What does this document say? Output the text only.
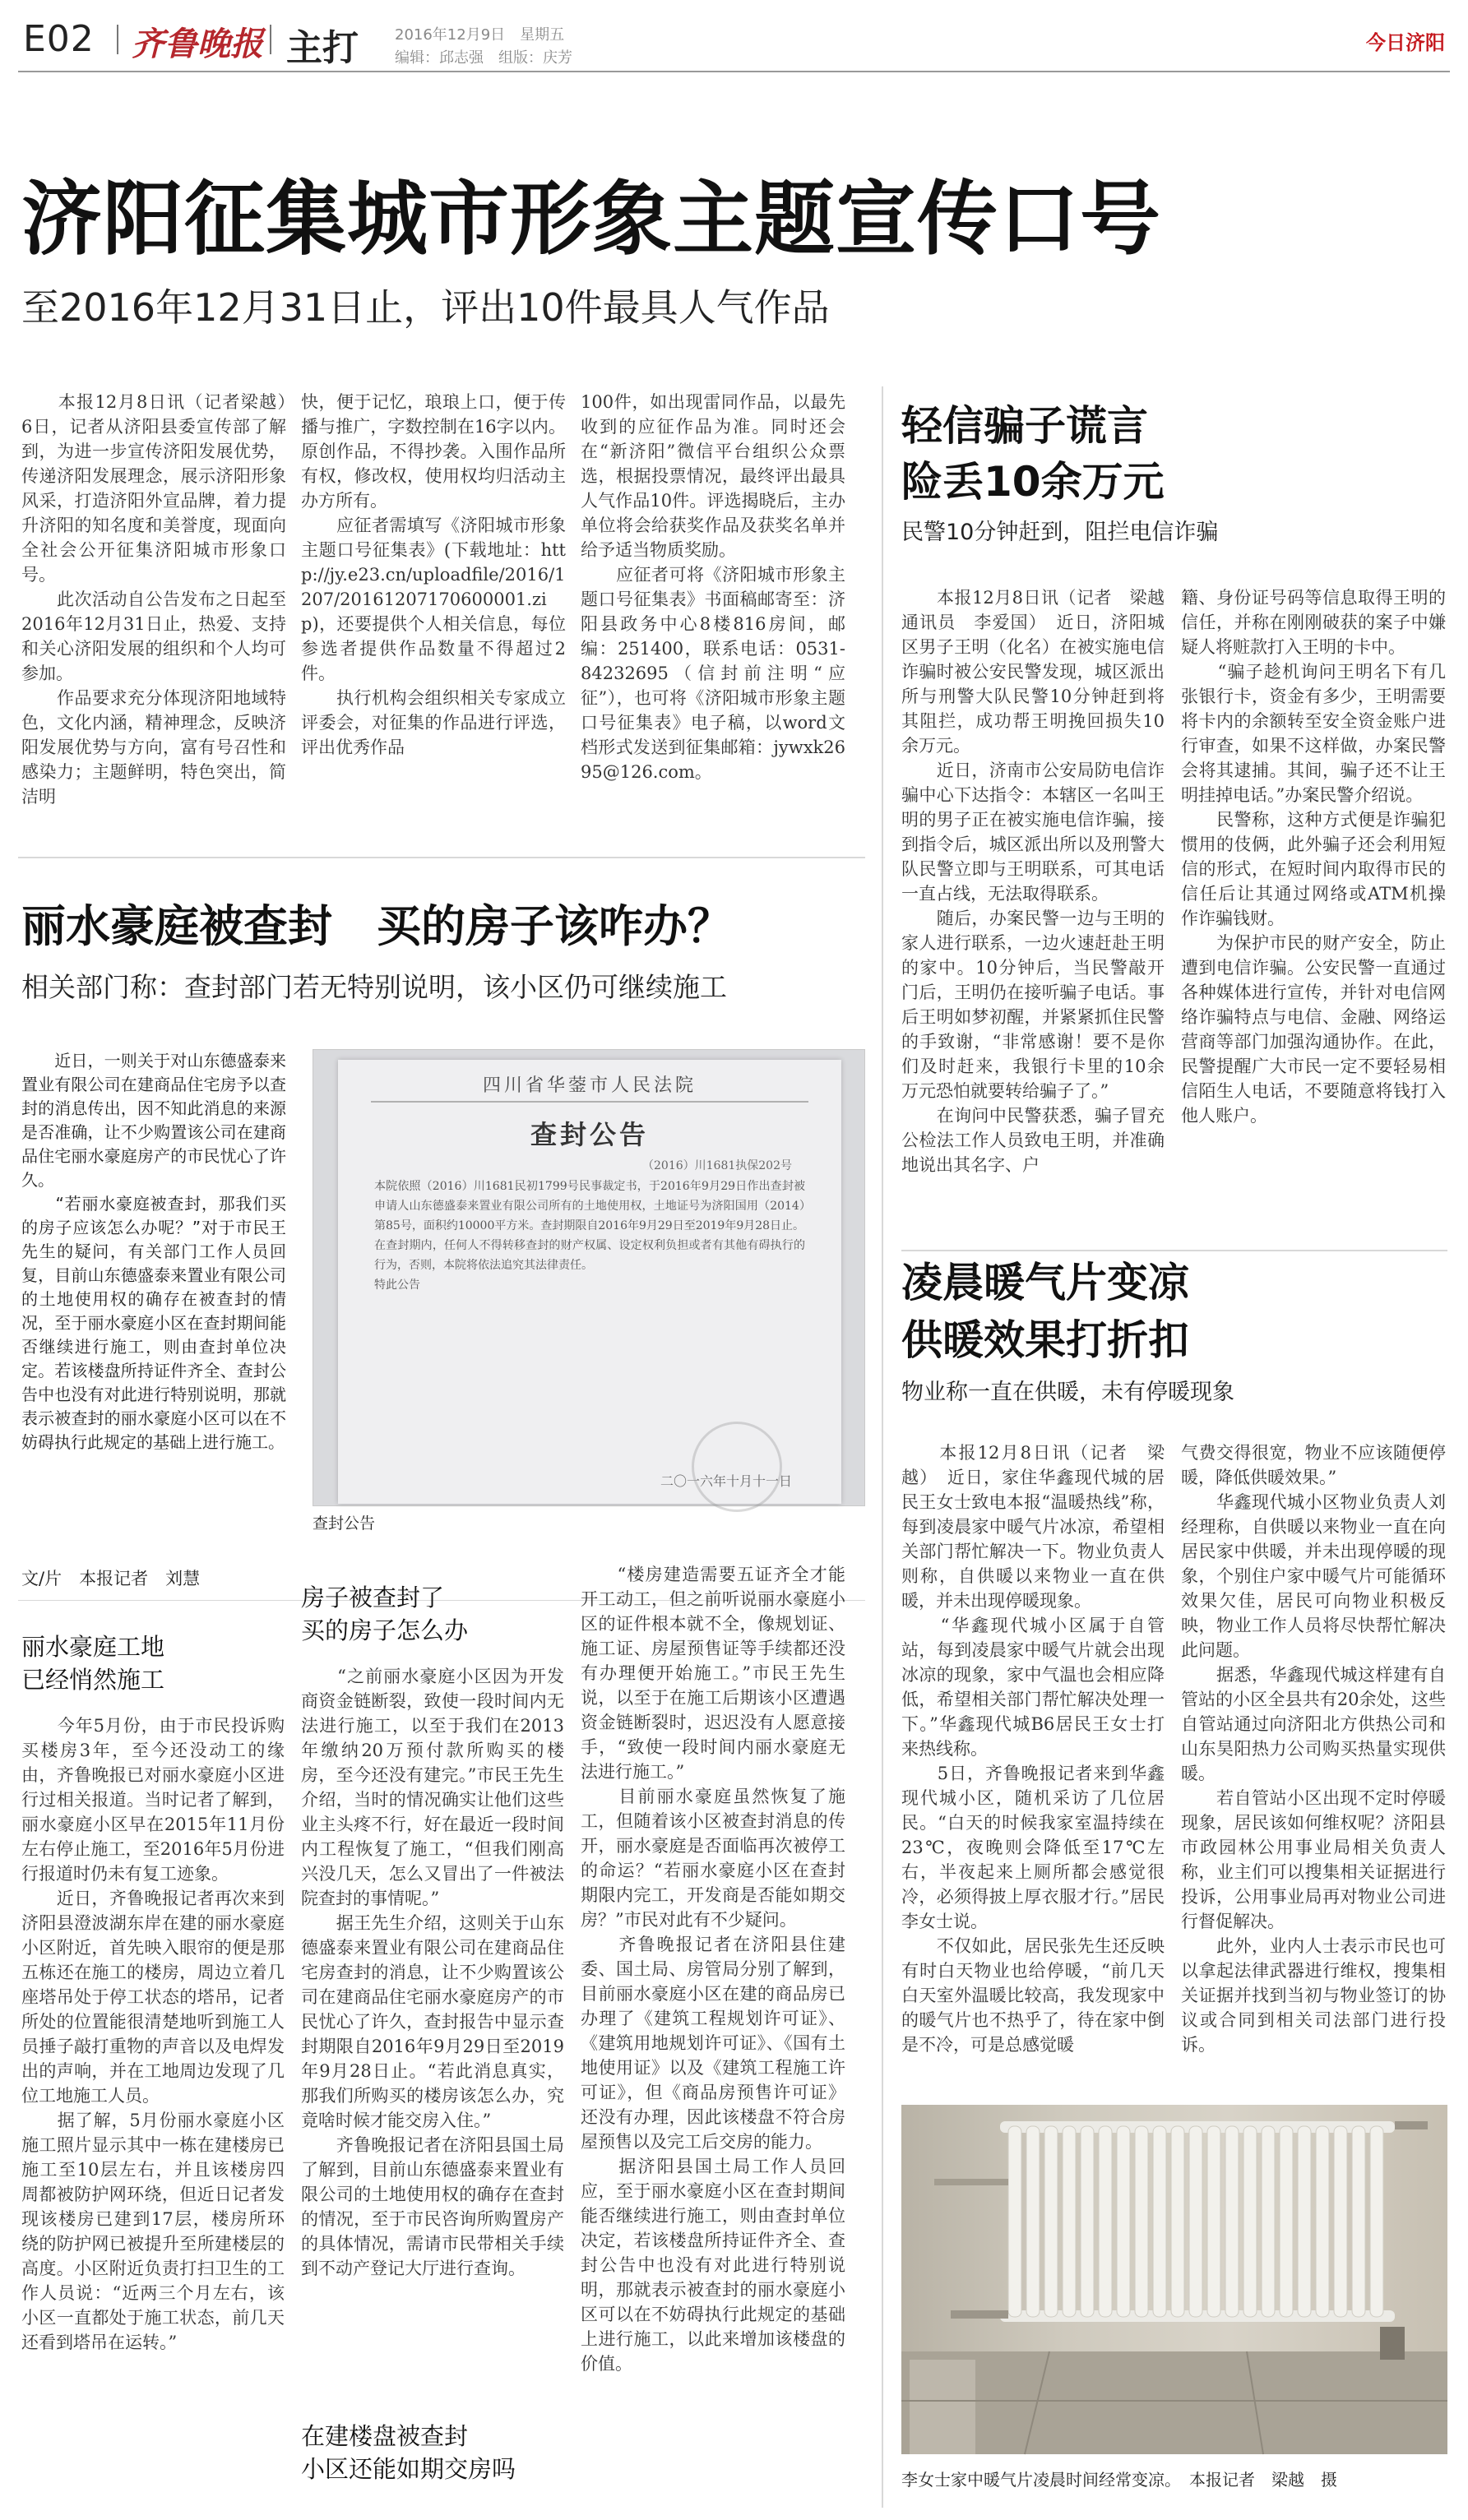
E02 齐鲁晚报 主打 2016年12月9日　星期五
编辑：邱志强　组版：庆芳
今日济阳
济阳征集城市形象主题宣传口号
至2016年12月31日止，评出10件最具人气作品
　　本报12月8日讯（记者梁越）　6日，记者从济阳县委宣传部了解到，为进一步宣传济阳发展优势，传递济阳发展理念，展示济阳形象风采，打造济阳外宣品牌，着力提升济阳的知名度和美誉度，现面向全社会公开征集济阳城市形象口号。
　　此次活动自公告发布之日起至2016年12月31日止，热爱、支持和关心济阳发展的组织和个人均可参加。
　　作品要求充分体现济阳地域特色，文化内涵，精神理念，反映济阳发展优势与方向，富有号召性和感染力；主题鲜明，特色突出，简洁明
快，便于记忆，琅琅上口，便于传播与推广，字数控制在16字以内。原创作品，不得抄袭。入围作品所有权，修改权，使用权均归活动主办方所有。
　　应征者需填写《济阳城市形象主题口号征集表》(下载地址：http://jy.e23.cn/uploadfile/2016/1207/20161207170600001.zip)，还要提供个人相关信息，每位参选者提供作品数量不得超过2件。
　　执行机构会组织相关专家成立评委会，对征集的作品进行评选，评出优秀作品
100件，如出现雷同作品，以最先收到的应征作品为准。同时还会在“新济阳”微信平台组织公众票选，根据投票情况，最终评出最具人气作品10件。评选揭晓后，主办单位将会给获奖作品及获奖名单并给予适当物质奖励。
　　应征者可将《济阳城市形象主题口号征集表》书面稿邮寄至：济阳县政务中心8楼816房间，邮编：251400，联系电话：0531-84232695（信封前注明“应征”），也可将《济阳城市形象主题口号征集表》电子稿，以word文档形式发送到征集邮箱：jywxk2695@126.com。
轻信骗子谎言
险丢10余万元
民警10分钟赶到，阻拦电信诈骗
　　本报12月8日讯（记者　梁越　通讯员　李爱国）　近日，济阳城区男子王明（化名）在被实施电信诈骗时被公安民警发现，城区派出所与刑警大队民警10分钟赶到将其阻拦，成功帮王明挽回损失10余万元。
　　近日，济南市公安局防电信诈骗中心下达指令：本辖区一名叫王明的男子正在被实施电信诈骗，接到指令后，城区派出所以及刑警大队民警立即与王明联系，可其电话一直占线，无法取得联系。
　　随后，办案民警一边与王明的家人进行联系，一边火速赶赴王明的家中。10分钟后，当民警敲开门后，王明仍在接听骗子电话。事后王明如梦初醒，并紧紧抓住民警的手致谢，“非常感谢！要不是你们及时赶来，我银行卡里的10余万元恐怕就要转给骗子了。”
　　在询问中民警获悉，骗子冒充公检法工作人员致电王明，并准确地说出其名字、户
籍、身份证号码等信息取得王明的信任，并称在刚刚破获的案子中嫌疑人将赃款打入王明的卡中。
　　“骗子趁机询问王明名下有几张银行卡，资金有多少，王明需要将卡内的余额转至安全资金账户进行审查，如果不这样做，办案民警会将其逮捕。其间，骗子还不让王明挂掉电话。”办案民警介绍说。
　　民警称，这种方式便是诈骗犯惯用的伎俩，此外骗子还会利用短信的形式，在短时间内取得市民的信任后让其通过网络或ATM机操作诈骗钱财。
　　为保护市民的财产安全，防止遭到电信诈骗。公安民警一直通过各种媒体进行宣传，并针对电信网络诈骗特点与电信、金融、网络运营商等部门加强沟通协作。在此，民警提醒广大市民一定不要轻易相信陌生人电话，不要随意将钱打入他人账户。
凌晨暖气片变凉
供暖效果打折扣
物业称一直在供暖，未有停暖现象
　　本报12月8日讯（记者　梁越）　近日，家住华鑫现代城的居民王女士致电本报“温暖热线”称，每到凌晨家中暖气片冰凉，希望相关部门帮忙解决一下。物业负责人则称，自供暖以来物业一直在供暖，并未出现停暖现象。
　　“华鑫现代城小区属于自管站，每到凌晨家中暖气片就会出现冰凉的现象，家中气温也会相应降低，希望相关部门帮忙解决处理一下。”华鑫现代城B6居民王女士打来热线称。
　　5日，齐鲁晚报记者来到华鑫现代城小区，随机采访了几位居民。“白天的时候我家室温持续在23℃，夜晚则会降低至17℃左右，半夜起来上厕所都会感觉很冷，必须得披上厚衣服才行。”居民李女士说。
　　不仅如此，居民张先生还反映有时白天物业也给停暖，“前几天白天室外温暖比较高，我发现家中的暖气片也不热乎了，待在家中倒是不冷，可是总感觉暖
气费交得很宽，物业不应该随便停暖，降低供暖效果。”
　　华鑫现代城小区物业负责人刘经理称，自供暖以来物业一直在向居民家中供暖，并未出现停暖的现象，个别住户家中暖气片可能循环效果欠佳，居民可向物业积极反映，物业工作人员将尽快帮忙解决此问题。
　　据悉，华鑫现代城这样建有自管站的小区全县共有20余处，这些自管站通过向济阳北方供热公司和山东昊阳热力公司购买热量实现供暖。
　　若自管站小区出现不定时停暖现象，居民该如何维权呢？济阳县市政园林公用事业局相关负责人称，业主们可以搜集相关证据进行投诉，公用事业局再对物业公司进行督促解决。
　　此外，业内人士表示市民也可以拿起法律武器进行维权，搜集相关证据并找到当初与物业签订的协议或合同到相关司法部门进行投诉。
李女士家中暖气片凌晨时间经常变凉。　本报记者　梁越　摄
丽水豪庭被查封　买的房子该咋办？
相关部门称：查封部门若无特别说明，该小区仍可继续施工
　　近日，一则关于对山东德盛泰来置业有限公司在建商品住宅房予以查封的消息传出，因不知此消息的来源是否准确，让不少购置该公司在建商品住宅丽水豪庭房产的市民忧心了许久。
　　“若丽水豪庭被查封，那我们买的房子应该怎么办呢？”对于市民王先生的疑问，有关部门工作人员回复，目前山东德盛泰来置业有限公司的土地使用权的确存在被查封的情况，至于丽水豪庭小区在查封期间能否继续进行施工，则由查封单位决定。若该楼盘所持证件齐全、查封公告中也没有对此进行特别说明，那就表示被查封的丽水豪庭小区可以在不妨碍执行此规定的基础上进行施工。
四川省华蓥市人民法院
查封公告
（2016）川1681执保202号
本院依照（2016）川1681民初1799号民事裁定书，于2016年9月29日作出查封被申请人山东德盛泰来置业有限公司所有的土地使用权，土地证号为济阳国用（2014）第85号，面积约10000平方米。查封期限自2016年9月29日至2019年9月28日止。
在查封期内，任何人不得转移查封的财产权属、设定权利负担或者有其他有碍执行的行为，否则，本院将依法追究其法律责任。
特此公告
二〇一六年十月十一日
查封公告
文/片　本报记者　刘慧
丽水豪庭工地
已经悄然施工
　　今年5月份，由于市民投诉购买楼房3年，至今还没动工的缘由，齐鲁晚报已对丽水豪庭小区进行过相关报道。当时记者了解到，丽水豪庭小区早在2015年11月份左右停止施工，至2016年5月份进行报道时仍未有复工迹象。
　　近日，齐鲁晚报记者再次来到济阳县澄波湖东岸在建的丽水豪庭小区附近，首先映入眼帘的便是那五栋还在施工的楼房，周边立着几座塔吊处于停工状态的塔吊，记者所处的位置能很清楚地听到施工人员捶子敲打重物的声音以及电焊发出的声响，并在工地周边发现了几位工地施工人员。
　　据了解，5月份丽水豪庭小区施工照片显示其中一栋在建楼房已施工至10层左右，并且该楼房四周都被防护网环绕，但近日记者发现该楼房已建到17层，楼房所环绕的防护网已被提升至所建楼层的高度。小区附近负责打扫卫生的工作人员说：“近两三个月左右，该小区一直都处于施工状态，前几天还看到塔吊在运转。”
房子被查封了
买的房子怎么办
　　“之前丽水豪庭小区因为开发商资金链断裂，致使一段时间内无法进行施工，以至于我们在2013年缴纳20万预付款所购买的楼房，至今还没有建完。”市民王先生介绍，当时的情况确实让他们这些业主头疼不行，好在最近一段时间内工程恢复了施工，“但我们刚高兴没几天，怎么又冒出了一件被法院查封的事情呢。”
　　据王先生介绍，这则关于山东德盛泰来置业有限公司在建商品住宅房查封的消息，让不少购置该公司在建商品住宅丽水豪庭房产的市民忧心了许久，查封报告中显示查封期限自2016年9月29日至2019年9月28日止。“若此消息真实，那我们所购买的楼房该怎么办，究竟啥时候才能交房入住。”
　　齐鲁晚报记者在济阳县国土局了解到，目前山东德盛泰来置业有限公司的土地使用权的确存在查封的情况，至于市民咨询所购置房产的具体情况，需请市民带相关手续到不动产登记大厅进行查询。
在建楼盘被查封
小区还能如期交房吗
　　“楼房建造需要五证齐全才能开工动工，但之前听说丽水豪庭小区的证件根本就不全，像规划证、施工证、房屋预售证等手续都还没有办理便开始施工。”市民王先生说，以至于在施工后期该小区遭遇资金链断裂时，迟迟没有人愿意接手，“致使一段时间内丽水豪庭无法进行施工。”
　　目前丽水豪庭虽然恢复了施工，但随着该小区被查封消息的传开，丽水豪庭是否面临再次被停工的命运？“若丽水豪庭小区在查封期限内完工，开发商是否能如期交房？”市民对此有不少疑问。
　　齐鲁晚报记者在济阳县住建委、国土局、房管局分别了解到，目前丽水豪庭小区在建的商品房已办理了《建筑工程规划许可证》、《建筑用地规划许可证》、《国有土地使用证》以及《建筑工程施工许可证》，但《商品房预售许可证》还没有办理，因此该楼盘不符合房屋预售以及完工后交房的能力。
　　据济阳县国土局工作人员回应，至于丽水豪庭小区在查封期间能否继续进行施工，则由查封单位决定，若该楼盘所持证件齐全、查封公告中也没有对此进行特别说明，那就表示被查封的丽水豪庭小区可以在不妨碍执行此规定的基础上进行施工，以此来增加该楼盘的价值。
